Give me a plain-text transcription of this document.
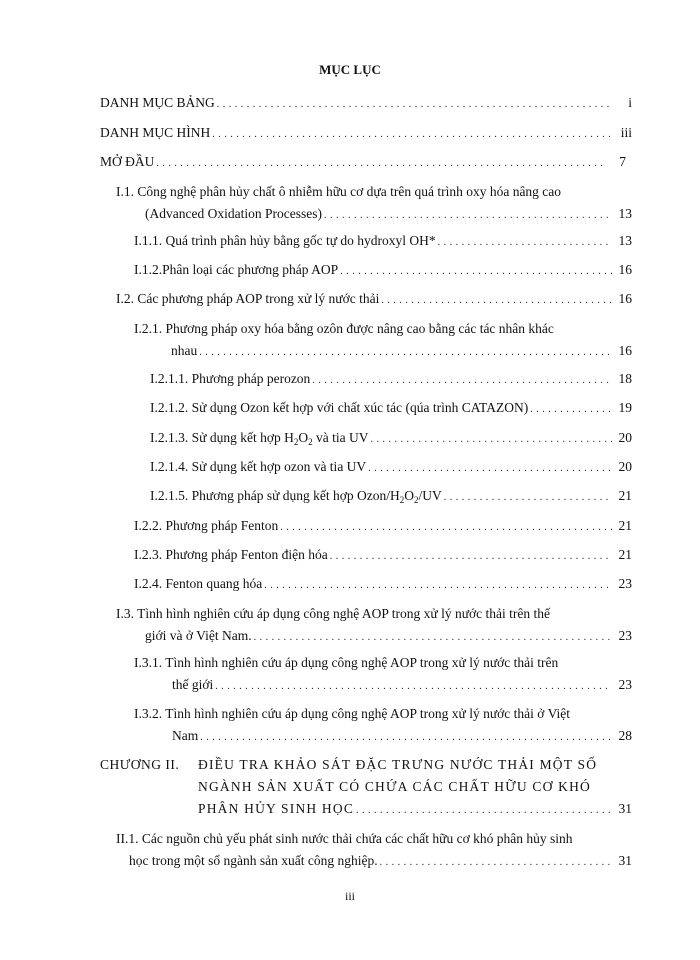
MỤC LỤC
DANH MỤC BẢNG . . .	i
DANH MỤC HÌNH . . .	iii
MỞ ĐẦU . . .	7
I.1. Công nghệ phân hủy chất ô nhiễm hữu cơ dựa trên quá trình oxy hóa nâng cao
(Advanced Oxidation Processes) . . .	13
I.1.1. Quá trình phân hủy bằng gốc tự do hydroxyl OH* . . .	13
I.1.2.Phân loại các phương pháp AOP . . .	16
I.2. Các phương pháp AOP trong xử lý nước thải . . .	16
I.2.1. Phương pháp oxy hóa bằng ozôn được nâng cao bằng các tác nhân khác
nhau . . .	16
I.2.1.1. Phương pháp perozon . . .	18
I.2.1.2. Sử dụng Ozon kết hợp với chất xúc tác (qúa trình CATAZON) . . .	19
I.2.1.3. Sử dụng kết hợp $H_2O_2$ và tia UV . . .	20
I.2.1.4. Sử dụng kết hợp ozon và tia UV . . .	20
I.2.1.5. Phương pháp sử dụng kết hợp Ozon/$H_2O_2/UV$ . . .	21
I.2.2. Phương pháp Fenton . . .	21
I.2.3. Phương pháp Fenton điện hóa . . .	21
I.2.4. Fenton quang hóa . . .	23
I.3. Tình hình nghiên cứu áp dụng công nghệ AOP trong xử lý nước thải trên thế
giới và ở Việt Nam. . . .	23
I.3.1. Tình hình nghiên cứu áp dụng công nghệ AOP trong xử lý nước thải trên
thế giới . . .	23
I.3.2. Tình hình nghiên cứu áp dụng công nghệ AOP trong xử lý nước thải ở Việt
Nam . . .	28
CHƯƠNG II. ĐIỀU TRA KHẢO SÁT ĐẶC TRƯNG NƯỚC THẢI MỘT SỐ
NGÀNH SẢN XUẤT CÓ CHỨA CÁC CHẤT HỮU CƠ KHÓ
PHÂN HỦY SINH HỌC . . .	31
II.1. Các nguồn chủ yếu phát sinh nước thải chứa các chất hữu cơ khó phân hủy sinh
học trong một số ngành sản xuất công nghiệp. . . .	31
iii
